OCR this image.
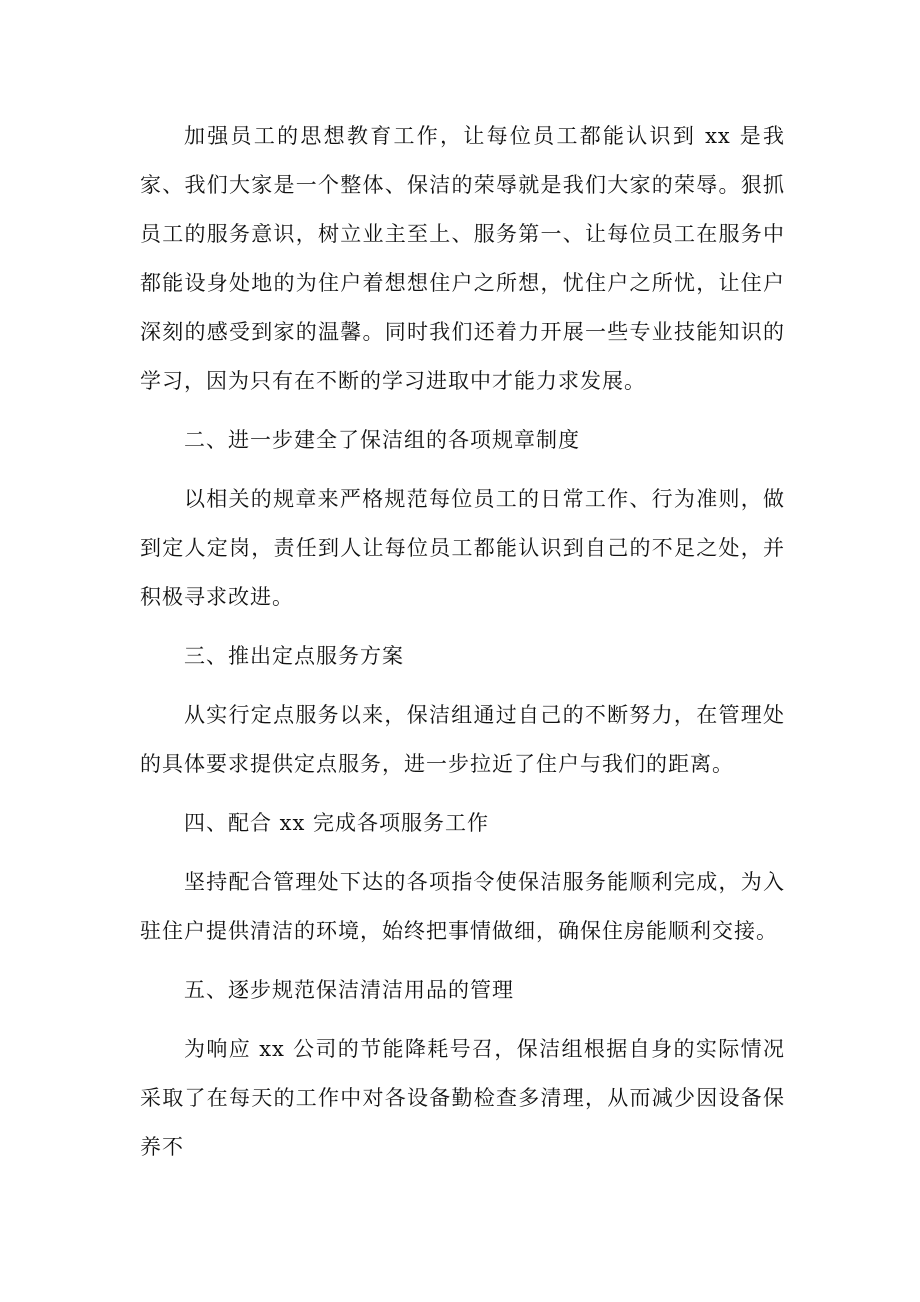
加强员工的思想教育工作，让每位员工都能认识到 xx 是我家、我们大家是一个整体、保洁的荣辱就是我们大家的荣辱。狠抓员工的服务意识，树立业主至上、服务第一、让每位员工在服务中都能设身处地的为住户着想想住户之所想，忧住户之所忧，让住户深刻的感受到家的温馨。同时我们还着力开展一些专业技能知识的学习，因为只有在不断的学习进取中才能力求发展。

二、进一步建全了保洁组的各项规章制度

以相关的规章来严格规范每位员工的日常工作、行为准则，做到定人定岗，责任到人让每位员工都能认识到自己的不足之处，并积极寻求改进。

三、推出定点服务方案

从实行定点服务以来，保洁组通过自己的不断努力，在管理处的具体要求提供定点服务，进一步拉近了住户与我们的距离。

四、配合 xx 完成各项服务工作

坚持配合管理处下达的各项指令使保洁服务能顺利完成，为入驻住户提供清洁的环境，始终把事情做细，确保住房能顺利交接。

五、逐步规范保洁清洁用品的管理

为响应 xx 公司的节能降耗号召，保洁组根据自身的实际情况采取了在每天的工作中对各设备勤检查多清理，从而减少因设备保养不
